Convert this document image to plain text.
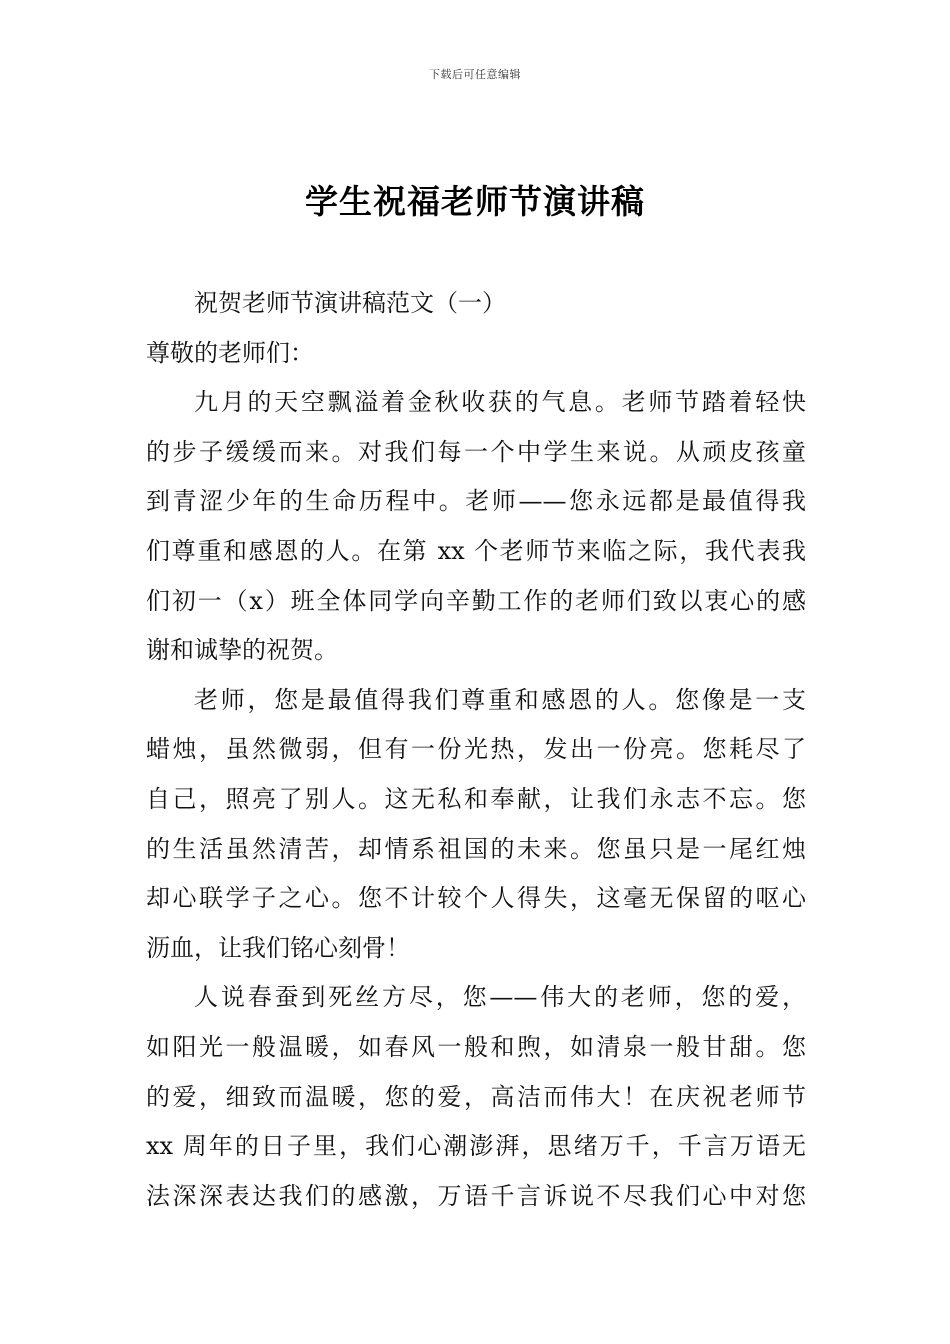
下载后可任意编辑
学生祝福老师节演讲稿
祝贺老师节演讲稿范文（一）
尊敬的老师们：
九月的天空飘溢着金秋收获的气息。老师节踏着轻快
的步子缓缓而来。对我们每一个中学生来说。从顽皮孩童
到青涩少年的生命历程中。老师——您永远都是最值得我
们尊重和感恩的人。在第 xx 个老师节来临之际，我代表我
们初一（x）班全体同学向辛勤工作的老师们致以衷心的感
谢和诚挚的祝贺。
老师，您是最值得我们尊重和感恩的人。您像是一支
蜡烛，虽然微弱，但有一份光热，发出一份亮。您耗尽了
自己，照亮了别人。这无私和奉献，让我们永志不忘。您
的生活虽然清苦，却情系祖国的未来。您虽只是一尾红烛
却心联学子之心。您不计较个人得失，这毫无保留的呕心
沥血，让我们铭心刻骨！
人说春蚕到死丝方尽，您——伟大的老师，您的爱，
如阳光一般温暖，如春风一般和煦，如清泉一般甘甜。您
的爱，细致而温暖，您的爱，高洁而伟大！在庆祝老师节
xx 周年的日子里，我们心潮澎湃，思绪万千，千言万语无
法深深表达我们的感激，万语千言诉说不尽我们心中对您
